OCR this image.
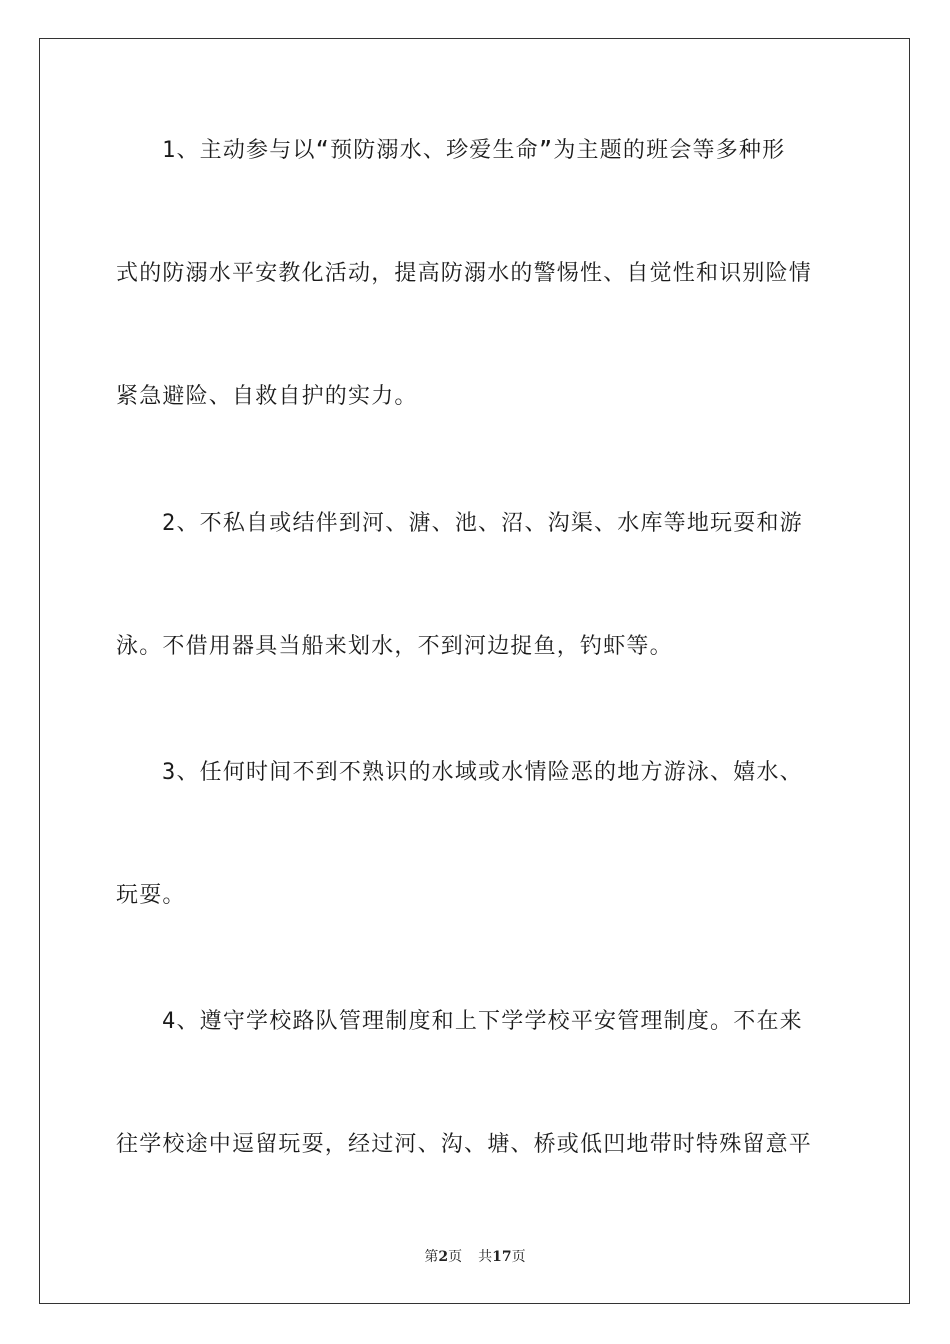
1、主动参与以“预防溺水、珍爱生命”为主题的班会等多种形
式的防溺水平安教化活动，提高防溺水的警惕性、自觉性和识别险情
紧急避险、自救自护的实力。
2、不私自或结伴到河、溏、池、沼、沟渠、水库等地玩耍和游
泳。不借用器具当船来划水，不到河边捉鱼，钓虾等。
3、任何时间不到不熟识的水域或水情险恶的地方游泳、嬉水、
玩耍。
4、遵守学校路队管理制度和上下学学校平安管理制度。不在来
往学校途中逗留玩耍，经过河、沟、塘、桥或低凹地带时特殊留意平
第2页 共17页
